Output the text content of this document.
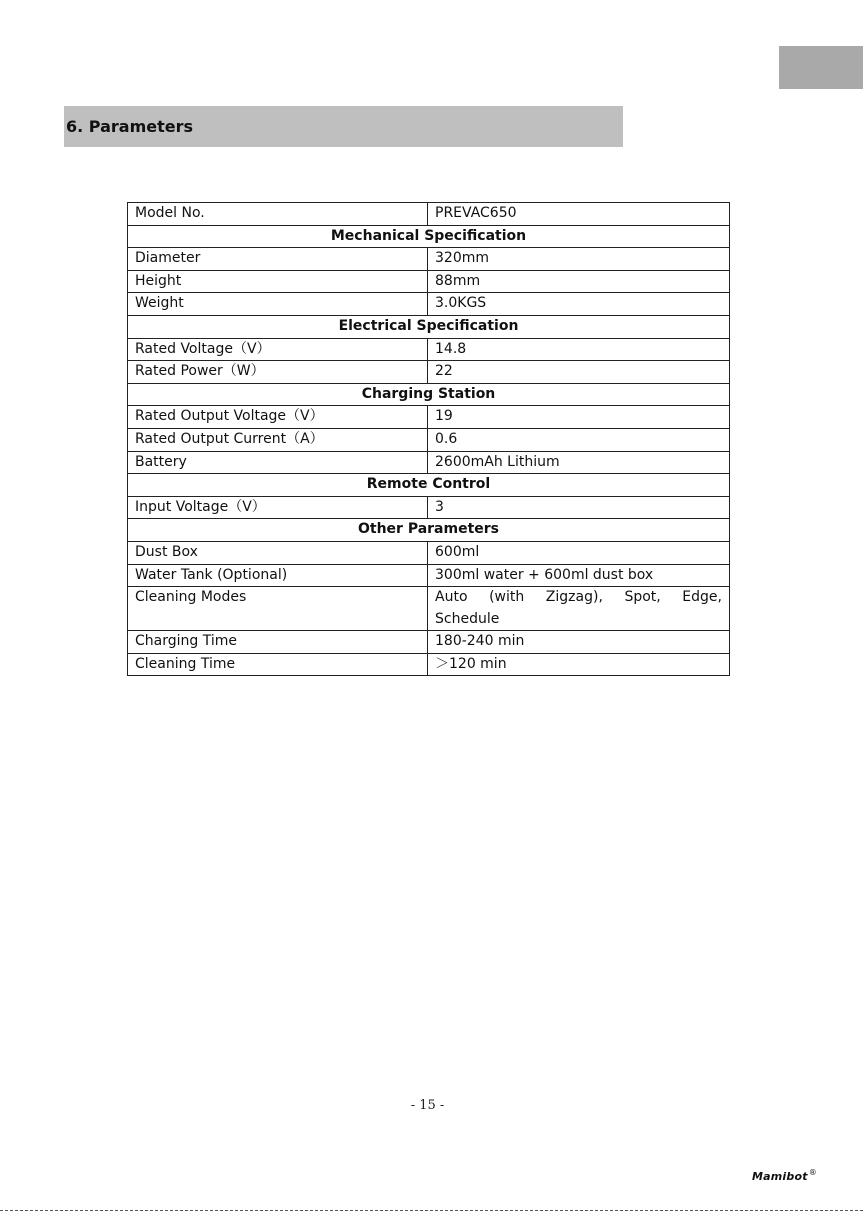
6. Parameters
Model No.	PREVAC650
Mechanical Specification	
Diameter	320mm
Height	88mm
Weight	3.0KGS
Electrical Specification	
Rated Voltage（V）	14.8
Rated Power（W）	22
Charging Station	
Rated Output Voltage（V）	19
Rated Output Current（A）	0.6
Battery	2600mAh Lithium
Remote Control	
Input Voltage（V）	3
Other Parameters	
Dust Box	600ml
Water Tank (Optional)	300ml water + 600ml dust box
Cleaning Modes	Auto (with Zigzag), Spot, Edge, Schedule
Charging Time	180-240 min
Cleaning Time	＞120 min
- 15 -
Mamibot®
